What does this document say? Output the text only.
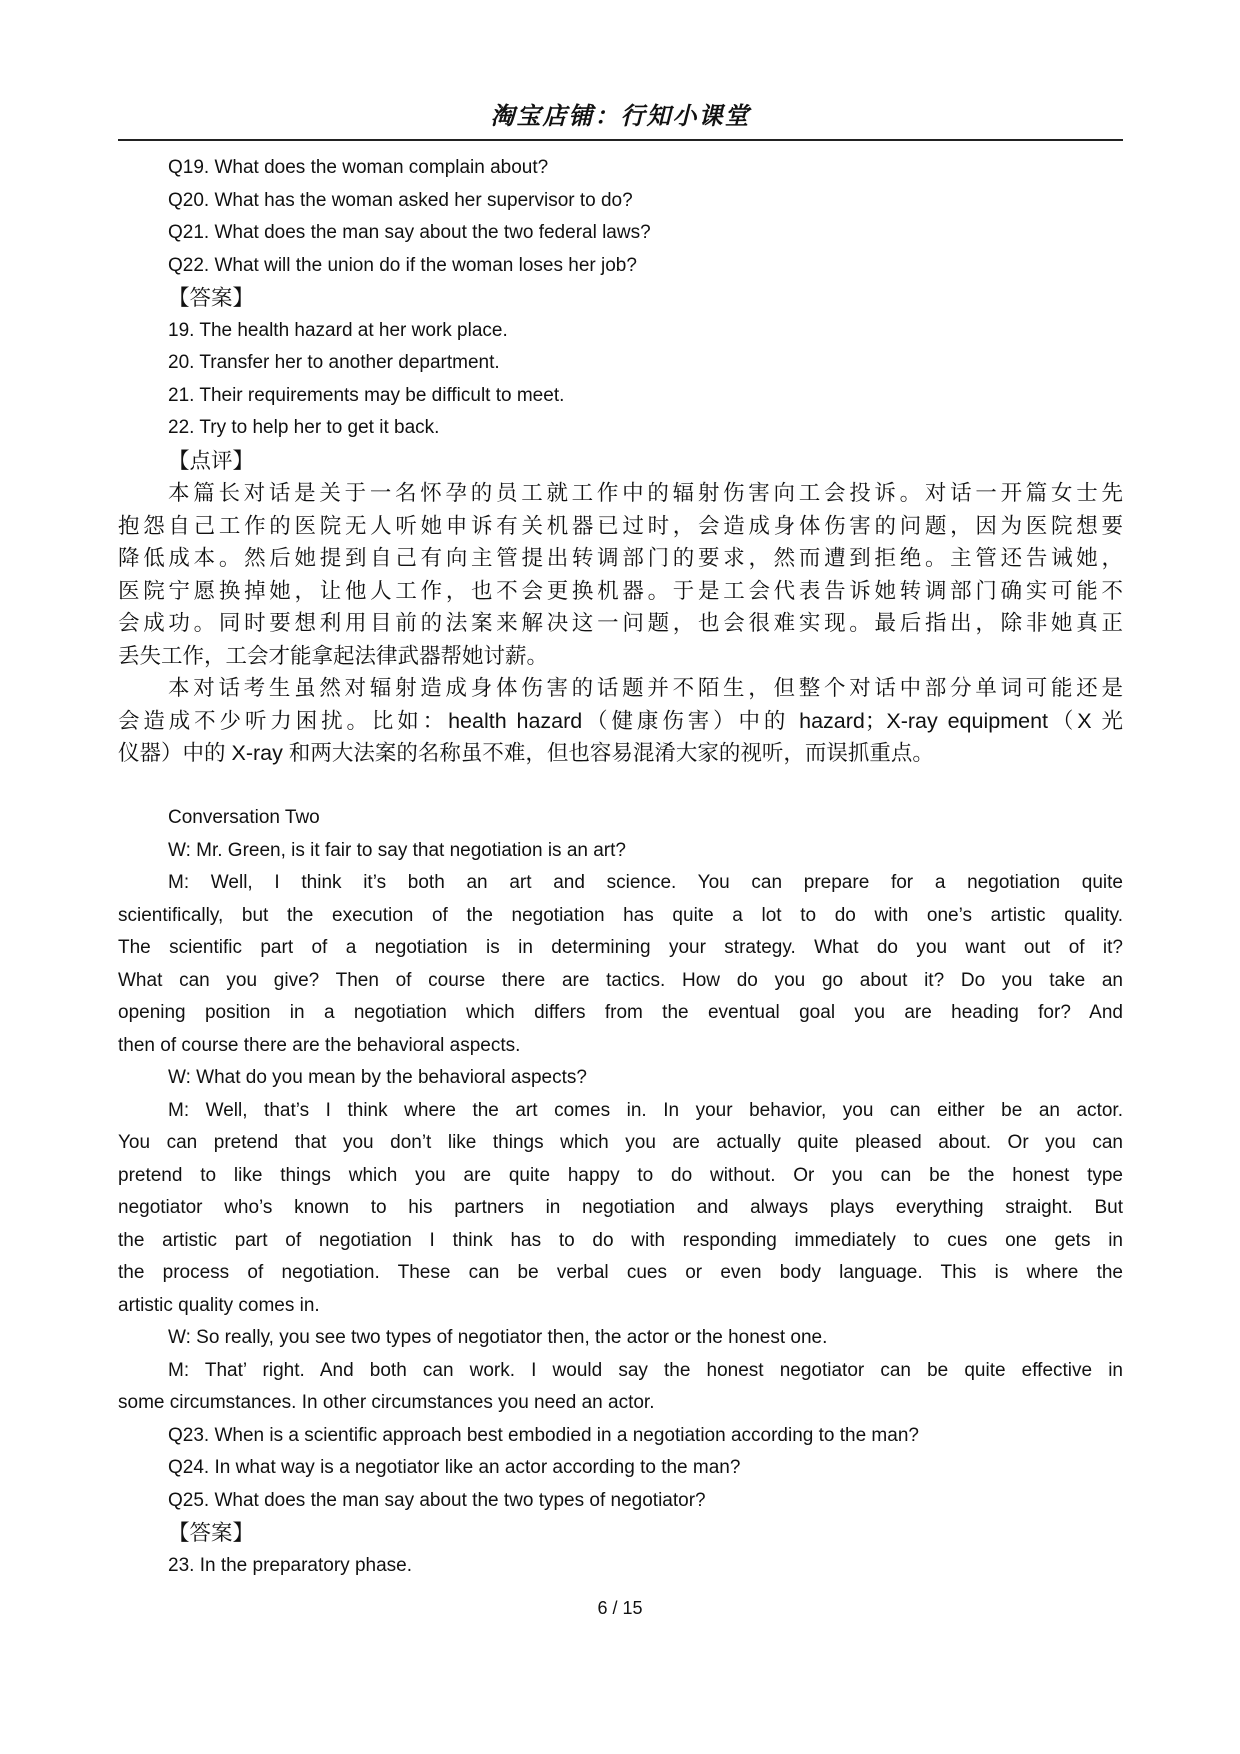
淘宝店铺：行知小课堂
Q19. What does the woman complain about?
Q20. What has the woman asked her supervisor to do?
Q21. What does the man say about the two federal laws?
Q22. What will the union do if the woman loses her job?
【答案】
19. The health hazard at her work place.
20. Transfer her to another department.
21. Their requirements may be difficult to meet.
22. Try to help her to get it back.
【点评】
本篇长对话是关于一名怀孕的员工就工作中的辐射伤害向工会投诉。对话一开篇女士先
抱怨自己工作的医院无人听她申诉有关机器已过时，会造成身体伤害的问题，因为医院想要
降低成本。然后她提到自己有向主管提出转调部门的要求，然而遭到拒绝。主管还告诫她，
医院宁愿换掉她，让他人工作，也不会更换机器。于是工会代表告诉她转调部门确实可能不
会成功。同时要想利用目前的法案来解决这一问题，也会很难实现。最后指出，除非她真正
丢失工作，工会才能拿起法律武器帮她讨薪。
本对话考生虽然对辐射造成身体伤害的话题并不陌生，但整个对话中部分单词可能还是
会造成不少听力困扰。比如：health hazard（健康伤害）中的 hazard；X-ray equipment（X 光
仪器）中的 X-ray 和两大法案的名称虽不难，但也容易混淆大家的视听，而误抓重点。
Conversation Two
W: Mr. Green, is it fair to say that negotiation is an art?
M: Well, I think it’s both an art and science. You can prepare for a negotiation quite
scientifically, but the execution of the negotiation has quite a lot to do with one’s artistic quality.
The scientific part of a negotiation is in determining your strategy. What do you want out of it?
What can you give? Then of course there are tactics. How do you go about it? Do you take an
opening position in a negotiation which differs from the eventual goal you are heading for? And
then of course there are the behavioral aspects.
W: What do you mean by the behavioral aspects?
M: Well, that’s I think where the art comes in. In your behavior, you can either be an actor.
You can pretend that you don’t like things which you are actually quite pleased about. Or you can
pretend to like things which you are quite happy to do without. Or you can be the honest type
negotiator who’s known to his partners in negotiation and always plays everything straight. But
the artistic part of negotiation I think has to do with responding immediately to cues one gets in
the process of negotiation. These can be verbal cues or even body language. This is where the
artistic quality comes in.
W: So really, you see two types of negotiator then, the actor or the honest one.
M: That’ right. And both can work. I would say the honest negotiator can be quite effective in
some circumstances. In other circumstances you need an actor.
Q23. When is a scientific approach best embodied in a negotiation according to the man?
Q24. In what way is a negotiator like an actor according to the man?
Q25. What does the man say about the two types of negotiator?
【答案】
23. In the preparatory phase.
6 / 15
